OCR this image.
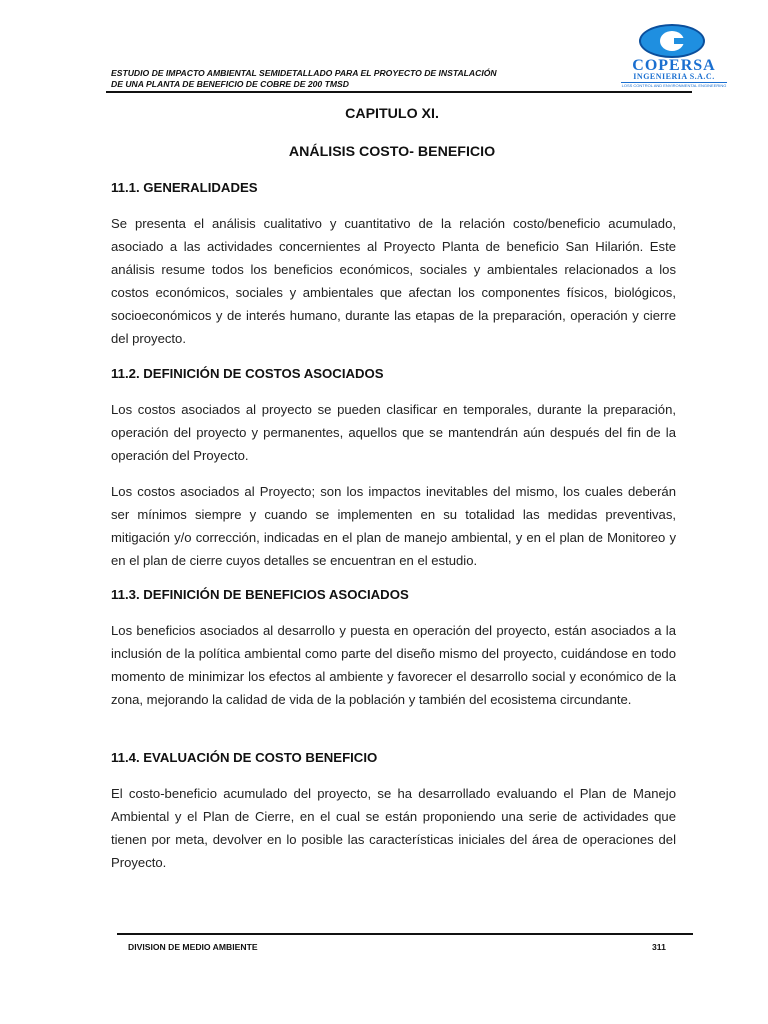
ESTUDIO DE IMPACTO AMBIENTAL SEMIDETALLADO PARA EL PROYECTO DE INSTALACIÓN
DE UNA PLANTA DE BENEFICIO DE COBRE DE 200 TMSD
COPERSA
INGENIERIA S.A.C.
LOSS CONTROL AND ENVIRONMENTAL ENGINEERING
CAPITULO XI.
ANÁLISIS COSTO- BENEFICIO
11.1. GENERALIDADES
Se presenta el análisis cualitativo y cuantitativo de la relación costo/beneficio acumulado, asociado a las actividades concernientes al Proyecto Planta de beneficio San Hilarión. Este análisis resume todos los beneficios económicos, sociales y ambientales relacionados a los costos económicos, sociales y ambientales que afectan los componentes físicos, biológicos, socioeconómicos y de interés humano, durante las etapas de la preparación, operación y cierre del proyecto.
11.2. DEFINICIÓN DE COSTOS ASOCIADOS
Los costos asociados al proyecto se pueden clasificar en temporales, durante la preparación, operación del proyecto y permanentes, aquellos que se mantendrán aún después del fin de la operación del Proyecto.
Los costos asociados al Proyecto; son los impactos inevitables del mismo, los cuales deberán ser mínimos siempre y cuando se implementen en su totalidad las medidas preventivas, mitigación y/o corrección, indicadas en el plan de manejo ambiental, y en el plan de Monitoreo y en el plan de cierre cuyos detalles se encuentran en el estudio.
11.3. DEFINICIÓN DE BENEFICIOS ASOCIADOS
Los beneficios asociados al desarrollo y puesta en operación del proyecto, están asociados a la inclusión de la política ambiental como parte del diseño mismo del proyecto, cuidándose en todo momento de minimizar los efectos al ambiente y favorecer el desarrollo social y económico de la zona, mejorando la calidad de vida de la población y también del ecosistema circundante.
11.4. EVALUACIÓN DE COSTO BENEFICIO
El costo-beneficio acumulado del proyecto, se ha desarrollado evaluando el Plan de Manejo Ambiental y el Plan de Cierre, en el cual se están proponiendo una serie de actividades que tienen por meta, devolver en lo posible las características iniciales del área de operaciones del Proyecto.
DIVISION DE MEDIO AMBIENTE	311
